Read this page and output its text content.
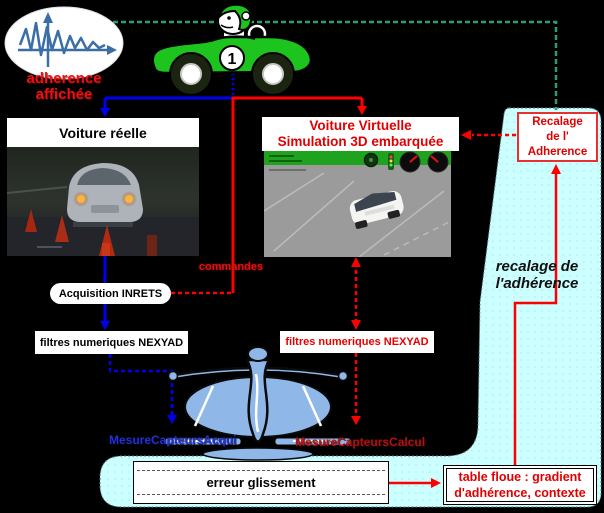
1
Voiture réelle	Voiture Virtuelle
Simulation 3D embarquée
Acquisition INRETS
filtres numeriques NEXYAD	filtres numeriques NEXYAD
Recalage
de l'
Adherence
erreur glissement	table floue : gradient
d'adhérence, contexte
adherence
affichée
commandes
MesureCapteursAcqui	MesureCapteursCalcul
recalage de
l'adhérence
